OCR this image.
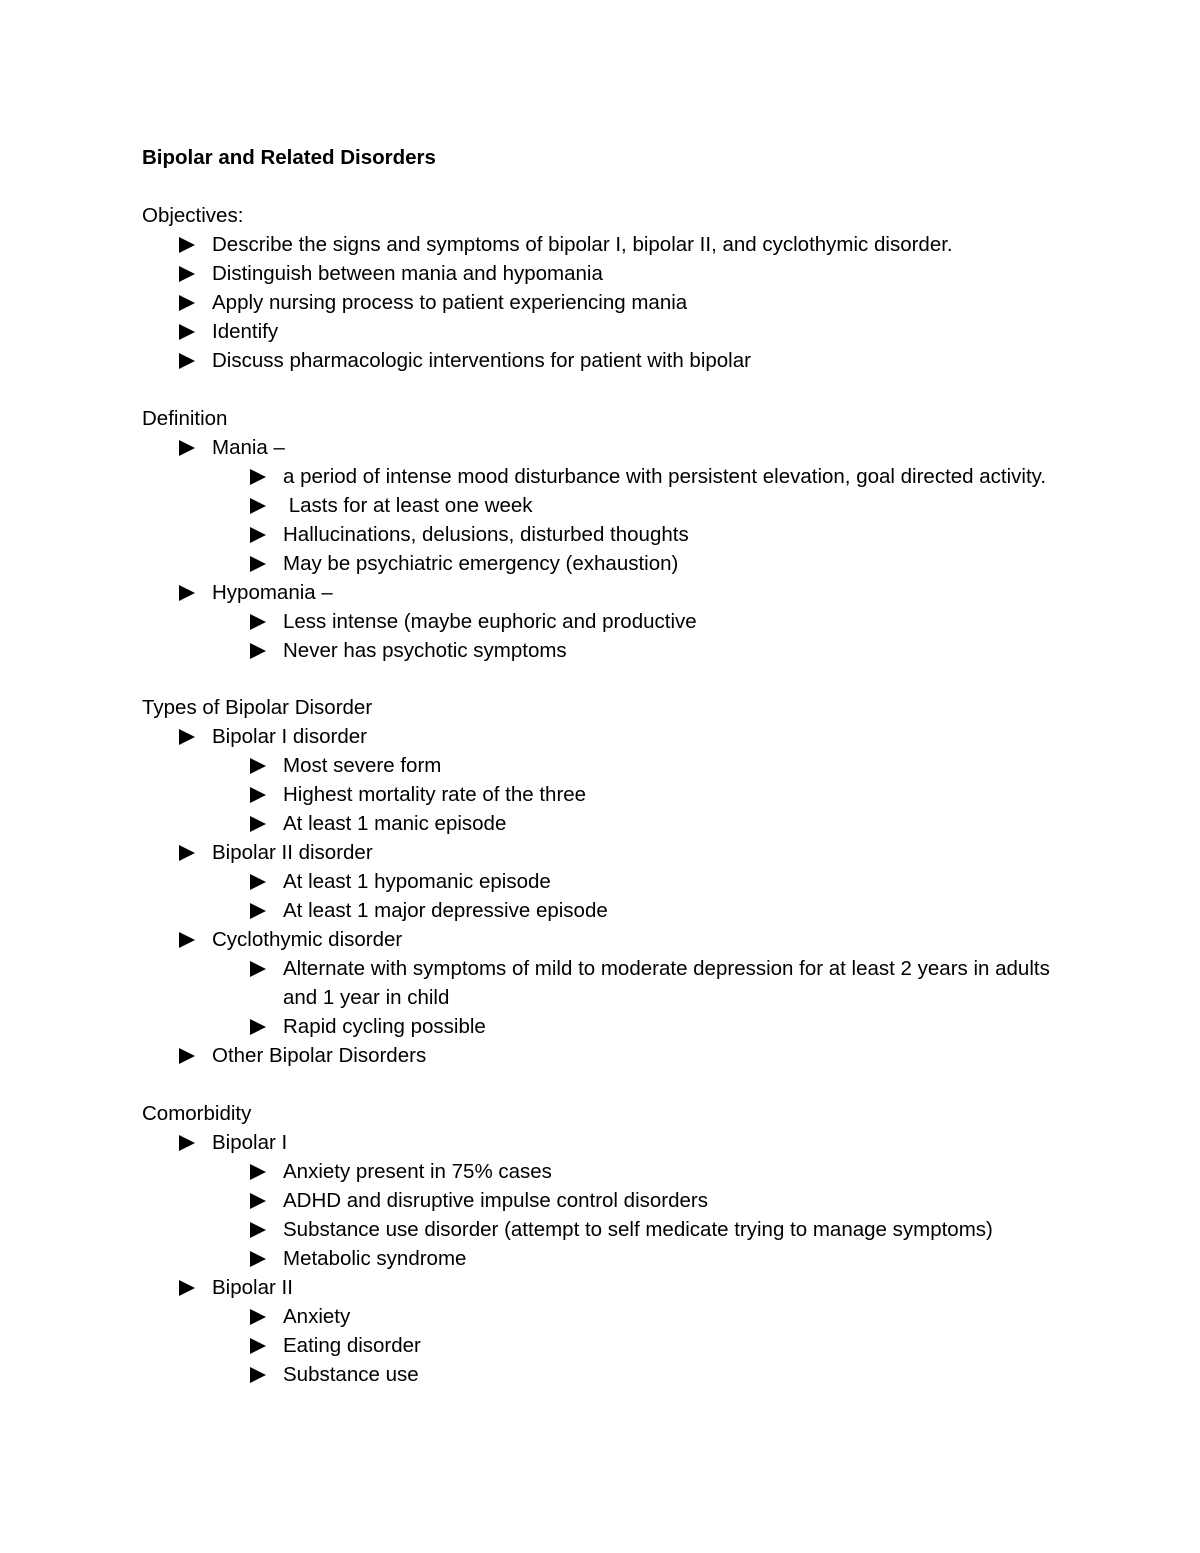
Bipolar and Related Disorders

Objectives:

Describe the signs and symptoms of bipolar I, bipolar II, and cyclothymic disorder.
Distinguish between mania and hypomania
Apply nursing process to patient experiencing mania
Identify
Discuss pharmacologic interventions for patient with bipolar

Definition

Mania –
a period of intense mood disturbance with persistent elevation, goal directed activity.
Lasts for at least one week
Hallucinations, delusions, disturbed thoughts
May be psychiatric emergency (exhaustion)
Hypomania –
Less intense (maybe euphoric and productive
Never has psychotic symptoms

Types of Bipolar Disorder

Bipolar I disorder
Most severe form
Highest mortality rate of the three
At least 1 manic episode
Bipolar II disorder
At least 1 hypomanic episode
At least 1 major depressive episode
Cyclothymic disorder
Alternate with symptoms of mild to moderate depression for at least 2 years in adults and 1 year in child
Rapid cycling possible
Other Bipolar Disorders

Comorbidity

Bipolar I
Anxiety present in 75% cases
ADHD and disruptive impulse control disorders
Substance use disorder (attempt to self medicate trying to manage symptoms)
Metabolic syndrome
Bipolar II
Anxiety
Eating disorder
Substance use
